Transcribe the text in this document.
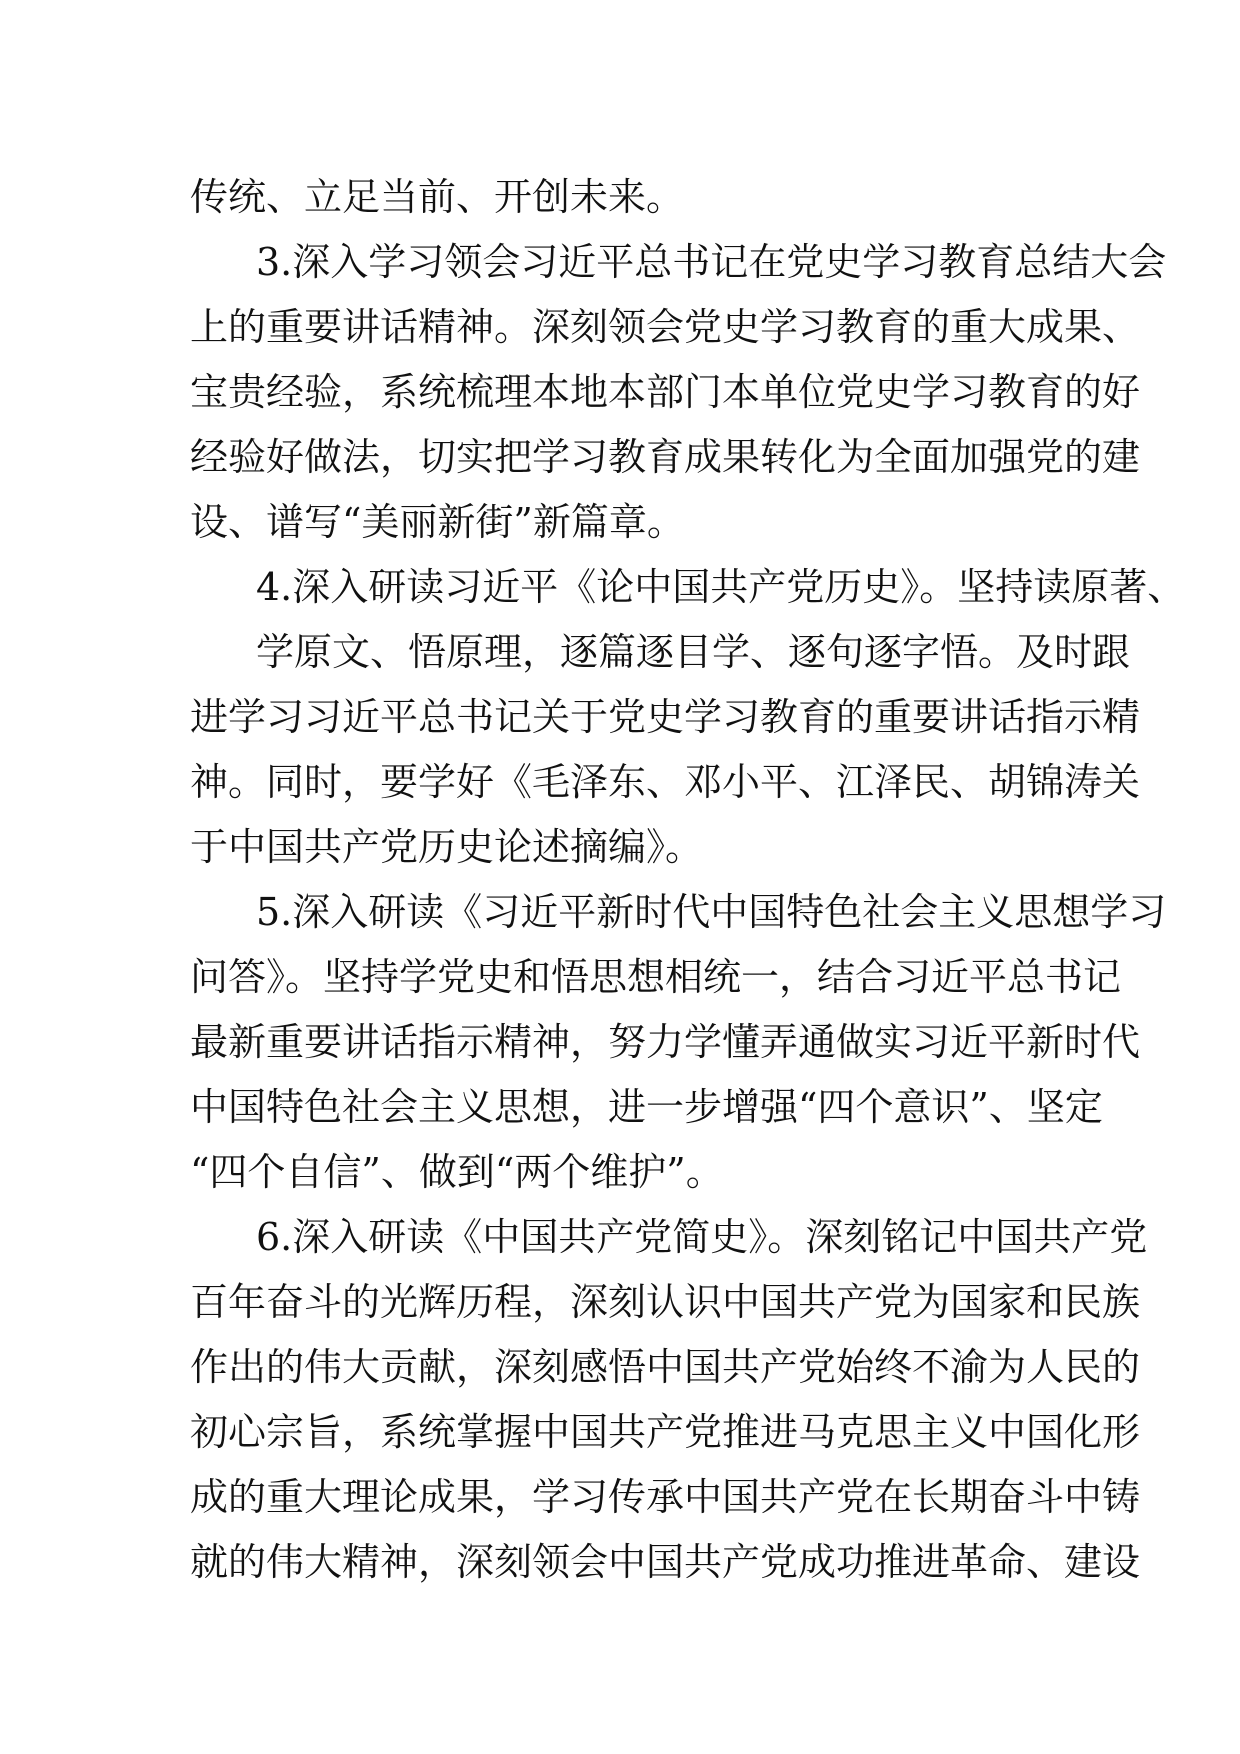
传统、立足当前、开创未来。

3.深入学习领会习近平总书记在党史学习教育总结大会

上的重要讲话精神。深刻领会党史学习教育的重大成果、

宝贵经验，系统梳理本地本部门本单位党史学习教育的好

经验好做法，切实把学习教育成果转化为全面加强党的建

设、谱写“美丽新街”新篇章。

4.深入研读习近平《论中国共产党历史》。坚持读原著、

学原文、悟原理，逐篇逐目学、逐句逐字悟。及时跟

进学习习近平总书记关于党史学习教育的重要讲话指示精

神。同时，要学好《毛泽东、邓小平、江泽民、胡锦涛关

于中国共产党历史论述摘编》。

5.深入研读《习近平新时代中国特色社会主义思想学习

问答》。坚持学党史和悟思想相统一，结合习近平总书记

最新重要讲话指示精神，努力学懂弄通做实习近平新时代

中国特色社会主义思想，进一步增强“四个意识”、坚定

“四个自信”、做到“两个维护”。

6.深入研读《中国共产党简史》。深刻铭记中国共产党

百年奋斗的光辉历程，深刻认识中国共产党为国家和民族

作出的伟大贡献，深刻感悟中国共产党始终不渝为人民的

初心宗旨，系统掌握中国共产党推进马克思主义中国化形

成的重大理论成果，学习传承中国共产党在长期奋斗中铸

就的伟大精神，深刻领会中国共产党成功推进革命、建设
